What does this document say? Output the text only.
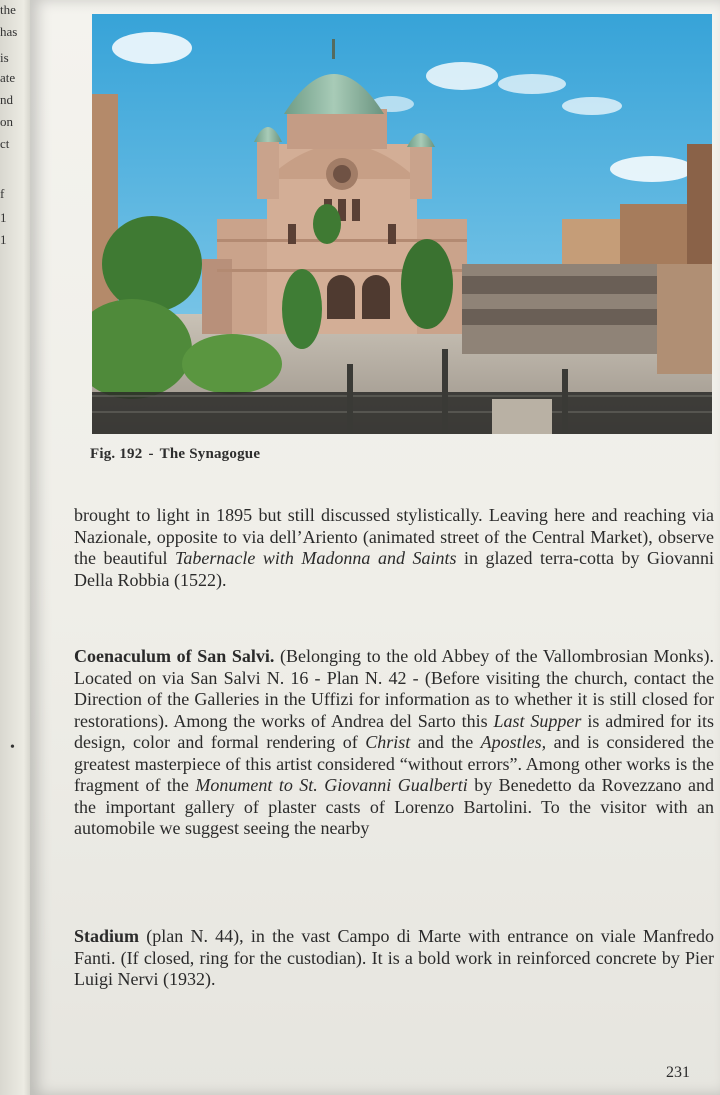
the
has
is
ate
nd
on
ct
f
1
1
Fig. 192 - The Synagogue
brought to light in 1895 but still discussed stylistically. Leaving here and reaching via Nazionale, opposite to via dell’Ariento (animated street of the Central Market), observe the beautiful Tabernacle with Madonna and Saints in glazed terra-cotta by Giovanni Della Robbia (1522).
Coenaculum of San Salvi. (Belonging to the old Abbey of the Vallombrosian Monks). Located on via San Salvi N. 16 - Plan N. 42 - (Before visiting the church, contact the Direction of the Galleries in the Uffizi for information as to whether it is still closed for restorations). Among the works of Andrea del Sarto this Last Supper is admired for its design, color and formal rendering of Christ and the Apostles, and is considered the greatest masterpiece of this artist considered “without errors”. Among other works is the fragment of the Monument to St. Giovanni Gualberti by Benedetto da Rovezzano and the important gallery of plaster casts of Lorenzo Bartolini. To the visitor with an automobile we suggest seeing the nearby
Stadium (plan N. 44), in the vast Campo di Marte with entrance on viale Manfredo Fanti. (If closed, ring for the custodian). It is a bold work in reinforced concrete by Pier Luigi Nervi (1932).
231
•
